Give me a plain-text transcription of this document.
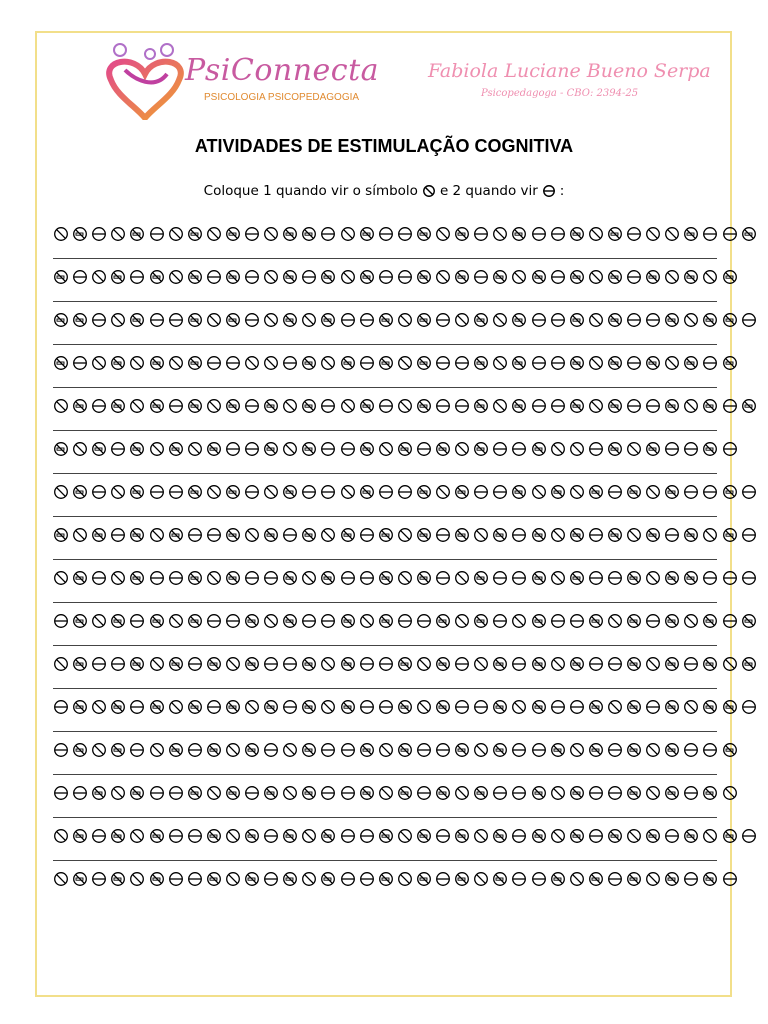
PsiConnecta
PSICOLOGIA PSICOPEDAGOGIA
Fabiola Luciane Bueno Serpa
Psicopedagoga - CBO: 2394-25
ATIVIDADES DE ESTIMULAÇÃO COGNITIVA
Coloque 1 quando vir o símbolo e 2 quando vir :
